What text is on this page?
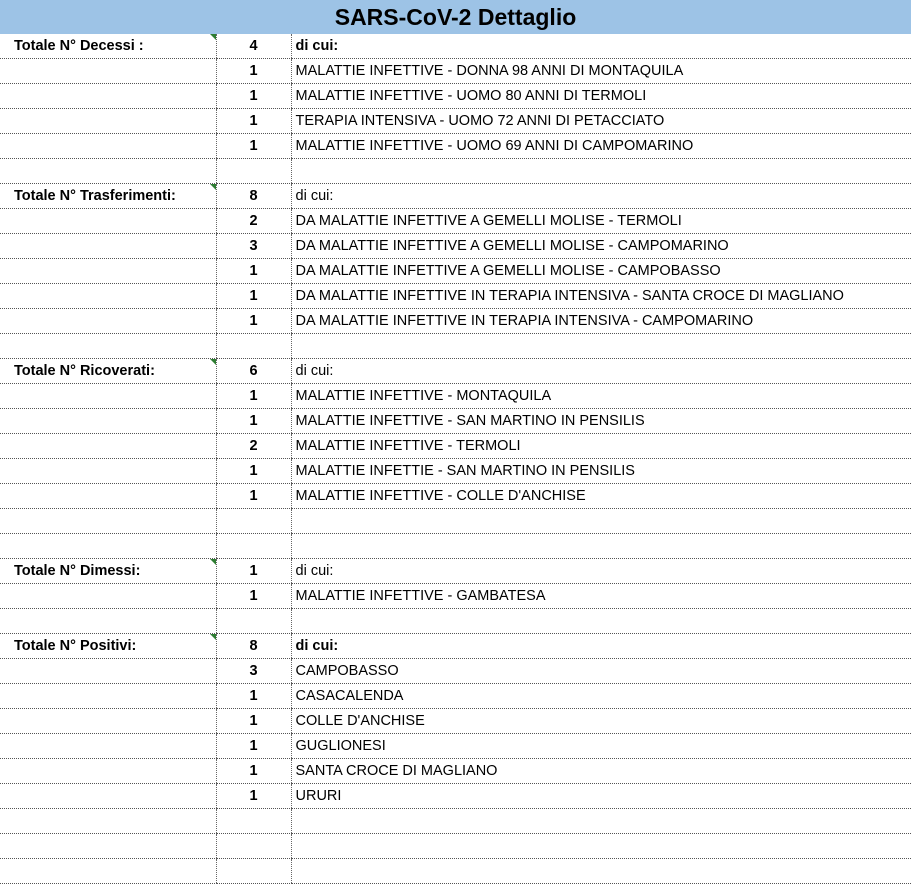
SARS-CoV-2 Dettaglio
Totale N° Decessi :	4	di cui:
	1	MALATTIE INFETTIVE - DONNA 98 ANNI DI MONTAQUILA
	1	MALATTIE INFETTIVE - UOMO 80 ANNI DI TERMOLI
	1	TERAPIA INTENSIVA - UOMO 72 ANNI DI PETACCIATO
	1	MALATTIE INFETTIVE - UOMO 69 ANNI DI CAMPOMARINO

Totale N° Trasferimenti:	8	di cui:
	2	DA MALATTIE INFETTIVE A GEMELLI MOLISE - TERMOLI
	3	DA MALATTIE INFETTIVE A GEMELLI MOLISE - CAMPOMARINO
	1	DA MALATTIE INFETTIVE A GEMELLI MOLISE - CAMPOBASSO
	1	DA MALATTIE INFETTIVE IN TERAPIA INTENSIVA - SANTA CROCE DI MAGLIANO
	1	DA MALATTIE INFETTIVE IN TERAPIA INTENSIVA - CAMPOMARINO

Totale N° Ricoverati:	6	di cui:
	1	MALATTIE INFETTIVE - MONTAQUILA
	1	MALATTIE INFETTIVE - SAN MARTINO IN PENSILIS
	2	MALATTIE INFETTIVE - TERMOLI
	1	MALATTIE INFETTIE - SAN MARTINO IN PENSILIS
	1	MALATTIE INFETTIVE - COLLE D'ANCHISE

Totale N° Dimessi:	1	di cui:
	1	MALATTIE INFETTIVE - GAMBATESA

Totale N° Positivi:	8	di cui:
	3	CAMPOBASSO
	1	CASACALENDA
	1	COLLE D'ANCHISE
	1	GUGLIONESI
	1	SANTA CROCE DI MAGLIANO
	1	URURI
